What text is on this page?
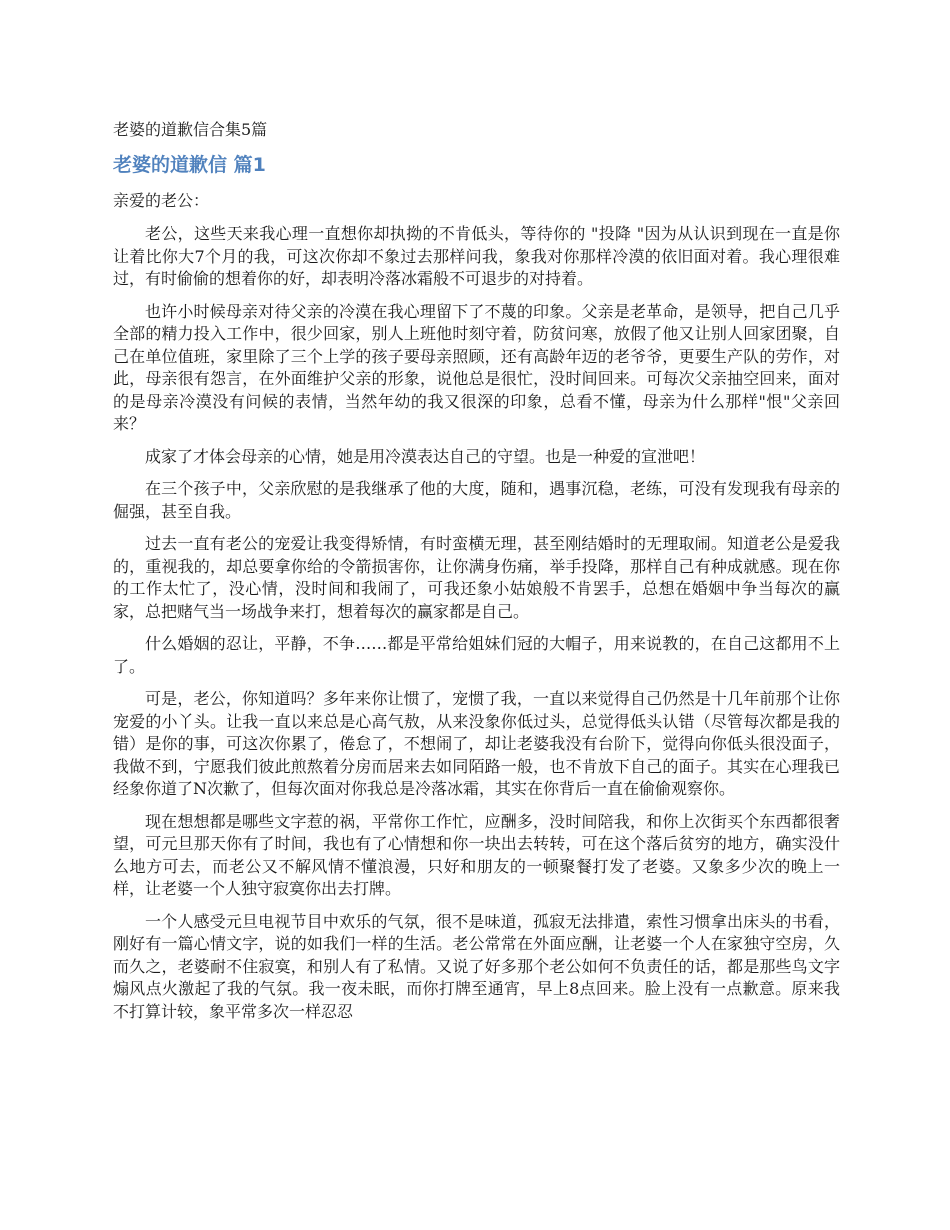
老婆的道歉信合集5篇
老婆的道歉信 篇1
亲爱的老公：

老公，这些天来我心理一直想你却执拗的不肯低头，等待你的 "投降 "因为从认识到现在一直是你让着比你大7个月的我，可这次你却不象过去那样问我，象我对你那样冷漠的依旧面对着。我心理很难过，有时偷偷的想着你的好，却表明冷落冰霜般不可退步的对持着。

也许小时候母亲对待父亲的冷漠在我心理留下了不蔑的印象。父亲是老革命，是领导，把自己几乎全部的精力投入工作中，很少回家，别人上班他时刻守着，防贫问寒，放假了他又让别人回家团聚，自己在单位值班，家里除了三个上学的孩子要母亲照顾，还有高龄年迈的老爷爷，更要生产队的劳作，对此，母亲很有怨言，在外面维护父亲的形象，说他总是很忙，没时间回来。可每次父亲抽空回来，面对的是母亲冷漠没有问候的表情，当然年幼的我又很深的印象，总看不懂，母亲为什么那样"恨"父亲回来？

成家了才体会母亲的心情，她是用冷漠表达自己的守望。也是一种爱的宣泄吧！

在三个孩子中，父亲欣慰的是我继承了他的大度，随和，遇事沉稳，老练，可没有发现我有母亲的倔强，甚至自我。

过去一直有老公的宠爱让我变得矫情，有时蛮横无理，甚至刚结婚时的无理取闹。知道老公是爱我的，重视我的，却总要拿你给的令箭损害你，让你满身伤痛，举手投降，那样自己有种成就感。现在你的工作太忙了，没心情，没时间和我闹了，可我还象小姑娘般不肯罢手，总想在婚姻中争当每次的赢家，总把赌气当一场战争来打，想着每次的赢家都是自己。

什么婚姻的忍让，平静，不争……都是平常给姐妹们冠的大帽子，用来说教的，在自己这都用不上了。

可是，老公，你知道吗？多年来你让惯了，宠惯了我，一直以来觉得自己仍然是十几年前那个让你宠爱的小丫头。让我一直以来总是心高气敖，从来没象你低过头，总觉得低头认错（尽管每次都是我的错）是你的事，可这次你累了，倦怠了，不想闹了，却让老婆我没有台阶下，觉得向你低头很没面子，我做不到，宁愿我们彼此煎熬着分房而居来去如同陌路一般，也不肯放下自己的面子。其实在心理我已经象你道了N次歉了，但每次面对你我总是冷落冰霜，其实在你背后一直在偷偷观察你。

现在想想都是哪些文字惹的祸，平常你工作忙，应酬多，没时间陪我，和你上次街买个东西都很奢望，可元旦那天你有了时间，我也有了心情想和你一块出去转转，可在这个落后贫穷的地方，确实没什么地方可去，而老公又不解风情不懂浪漫，只好和朋友的一顿聚餐打发了老婆。又象多少次的晚上一样，让老婆一个人独守寂寞你出去打牌。

一个人感受元旦电视节目中欢乐的气氛，很不是味道，孤寂无法排遣，索性习惯拿出床头的书看，刚好有一篇心情文字，说的如我们一样的生活。老公常常在外面应酬，让老婆一个人在家独守空房，久而久之，老婆耐不住寂寞，和别人有了私情。又说了好多那个老公如何不负责任的话，都是那些鸟文字煽风点火激起了我的气氛。我一夜未眠，而你打牌至通宵，早上8点回来。脸上没有一点歉意。原来我不打算计较，象平常多次一样忍忍
